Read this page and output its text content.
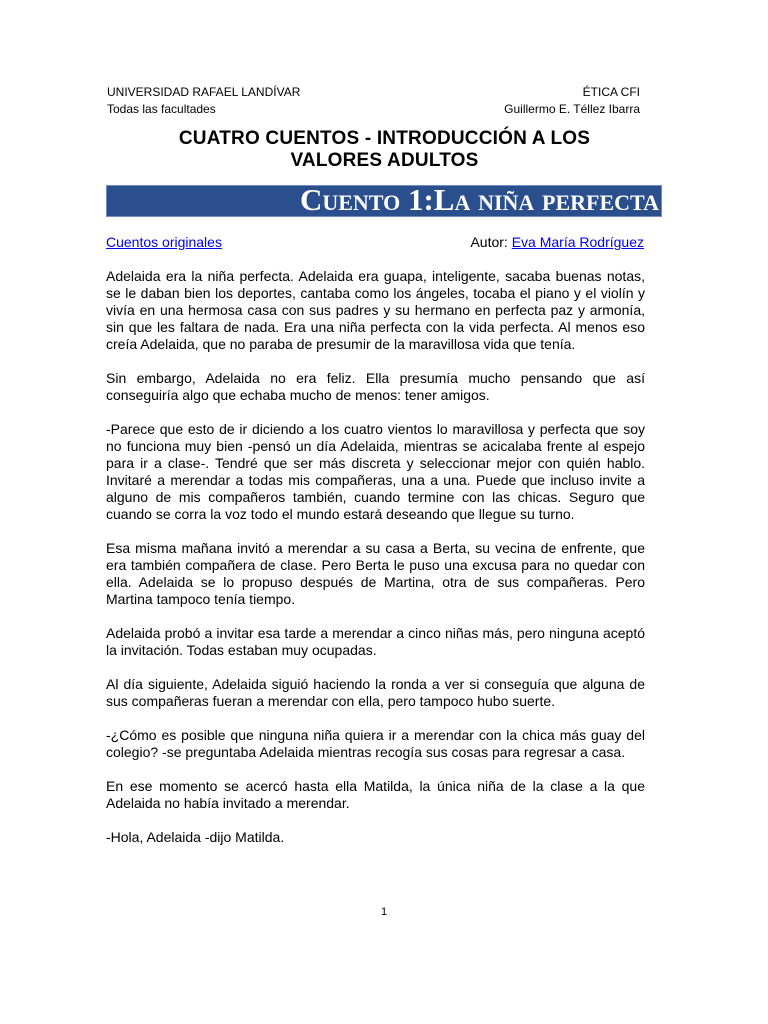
UNIVERSIDAD RAFAEL LANDÍVAR
Todas las facultades
ÉTICA CFI
Guillermo E. Téllez Ibarra
CUATRO CUENTOS - INTRODUCCIÓN A LOS
VALORES ADULTOS
Cuento 1:La niña perfecta
Cuentos originales	Autor: Eva María Rodríguez

Adelaida era la niña perfecta. Adelaida era guapa, inteligente, sacaba buenas notas, se le daban bien los deportes, cantaba como los ángeles, tocaba el piano y el violín y vivía en una hermosa casa con sus padres y su hermano en perfecta paz y armonía, sin que les faltara de nada. Era una niña perfecta con la vida perfecta. Al menos eso creía Adelaida, que no paraba de presumir de la maravillosa vida que tenía.

Sin embargo, Adelaida no era feliz. Ella presumía mucho pensando que así conseguiría algo que echaba mucho de menos: tener amigos.

-Parece que esto de ir diciendo a los cuatro vientos lo maravillosa y perfecta que soy no funciona muy bien -pensó un día Adelaida, mientras se acicalaba frente al espejo para ir a clase-. Tendré que ser más discreta y seleccionar mejor con quién hablo. Invitaré a merendar a todas mis compañeras, una a una. Puede que incluso invite a alguno de mis compañeros también, cuando termine con las chicas. Seguro que cuando se corra la voz todo el mundo estará deseando que llegue su turno.

Esa misma mañana invitó a merendar a su casa a Berta, su vecina de enfrente, que era también compañera de clase. Pero Berta le puso una excusa para no quedar con ella. Adelaida se lo propuso después de Martina, otra de sus compañeras. Pero Martina tampoco tenía tiempo.

Adelaida probó a invitar esa tarde a merendar a cinco niñas más, pero ninguna aceptó la invitación. Todas estaban muy ocupadas.

Al día siguiente, Adelaida siguió haciendo la ronda a ver si conseguía que alguna de sus compañeras fueran a merendar con ella, pero tampoco hubo suerte.

-¿Cómo es posible que ninguna niña quiera ir a merendar con la chica más guay del colegio? -se preguntaba Adelaida mientras recogía sus cosas para regresar a casa.

En ese momento se acercó hasta ella Matilda, la única niña de la clase a la que Adelaida no había invitado a merendar.

-Hola, Adelaida -dijo Matilda.

1
